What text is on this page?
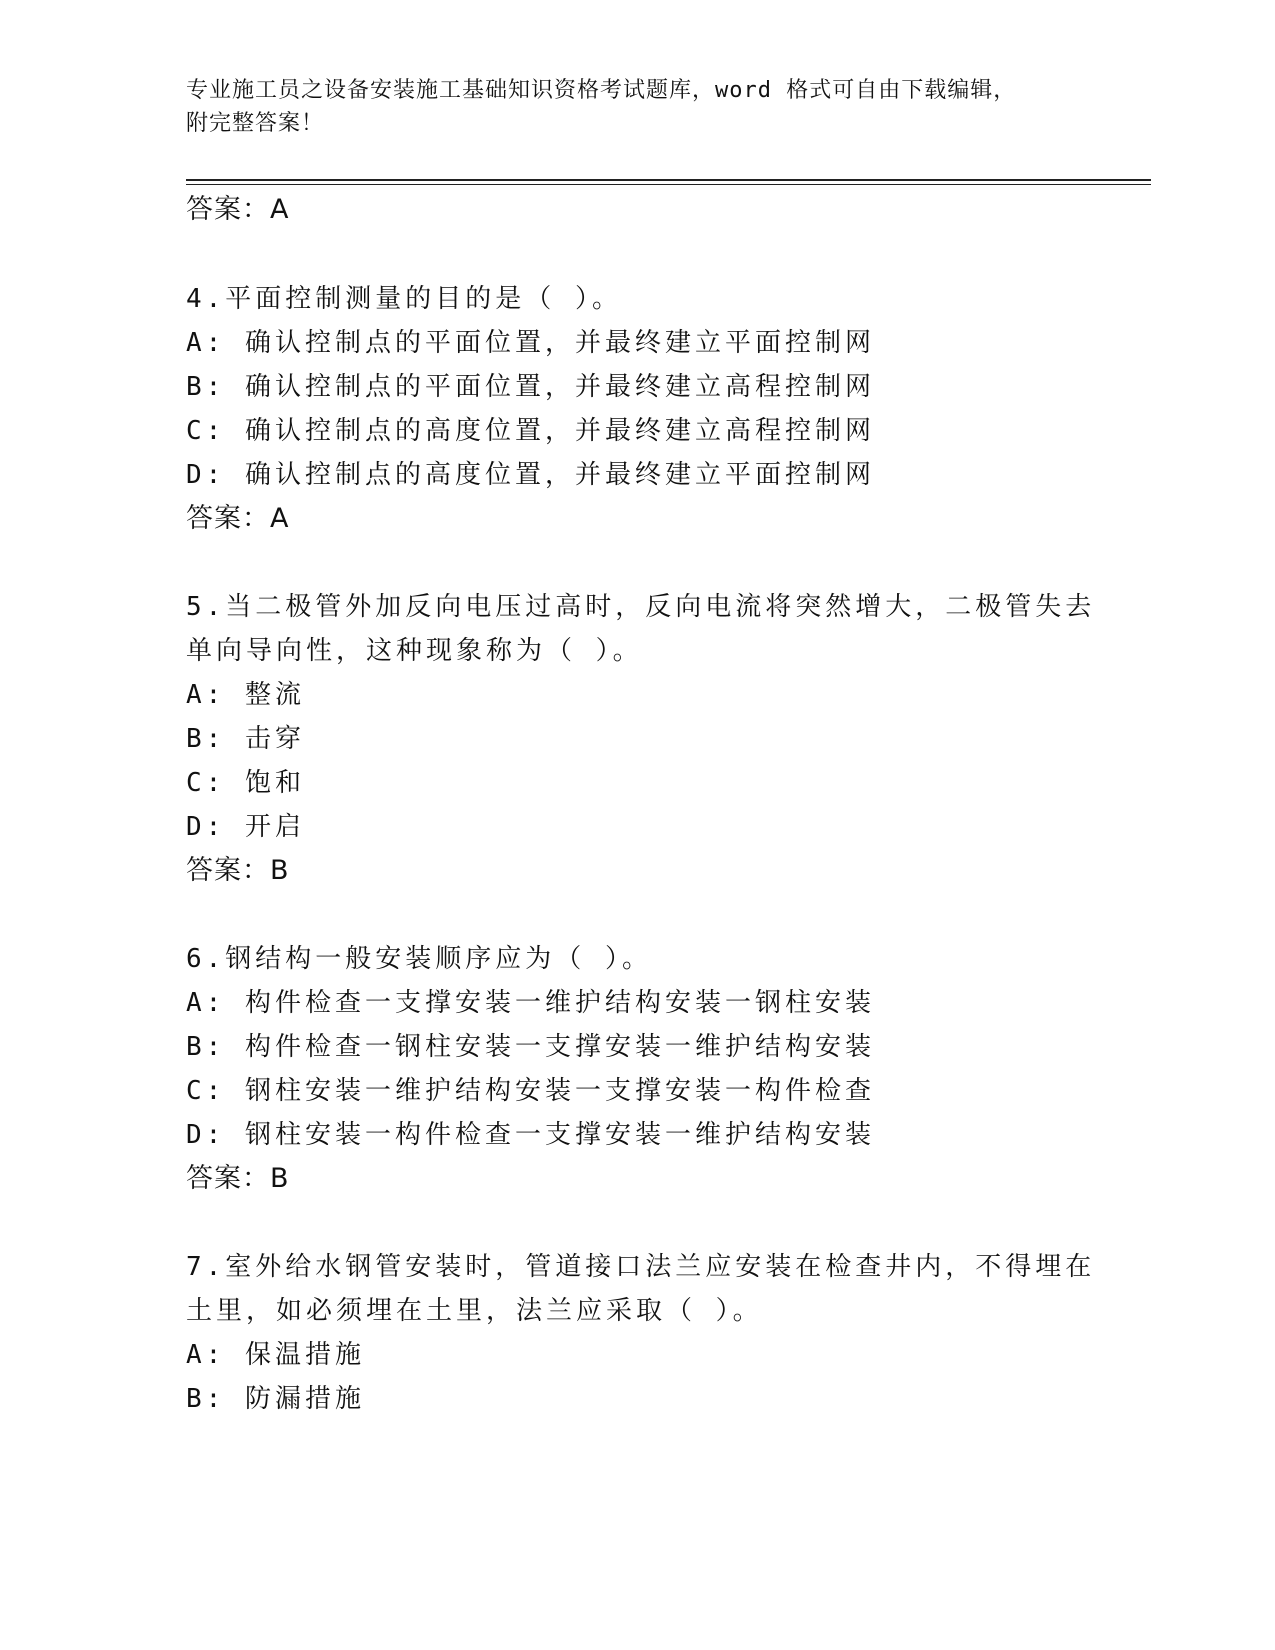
专业施工员之设备安装施工基础知识资格考试题库，word 格式可自由下载编辑，
附完整答案！
答案：A
4.平面控制测量的目的是（ ）。
A: 确认控制点的平面位置，并最终建立平面控制网
B: 确认控制点的平面位置，并最终建立高程控制网
C: 确认控制点的高度位置，并最终建立高程控制网
D: 确认控制点的高度位置，并最终建立平面控制网
答案：A
5.当二极管外加反向电压过高时，反向电流将突然增大，二极管失去
单向导向性，这种现象称为（ ）。
A: 整流
B: 击穿
C: 饱和
D: 开启
答案：B
6.钢结构一般安装顺序应为（ ）。
A: 构件检查一支撑安装一维护结构安装一钢柱安装
B: 构件检查一钢柱安装一支撑安装一维护结构安装
C: 钢柱安装一维护结构安装一支撑安装一构件检查
D: 钢柱安装一构件检查一支撑安装一维护结构安装
答案：B
7.室外给水钢管安装时，管道接口法兰应安装在检查井内，不得埋在
土里，如必须埋在土里，法兰应采取（ ）。
A: 保温措施
B: 防漏措施
